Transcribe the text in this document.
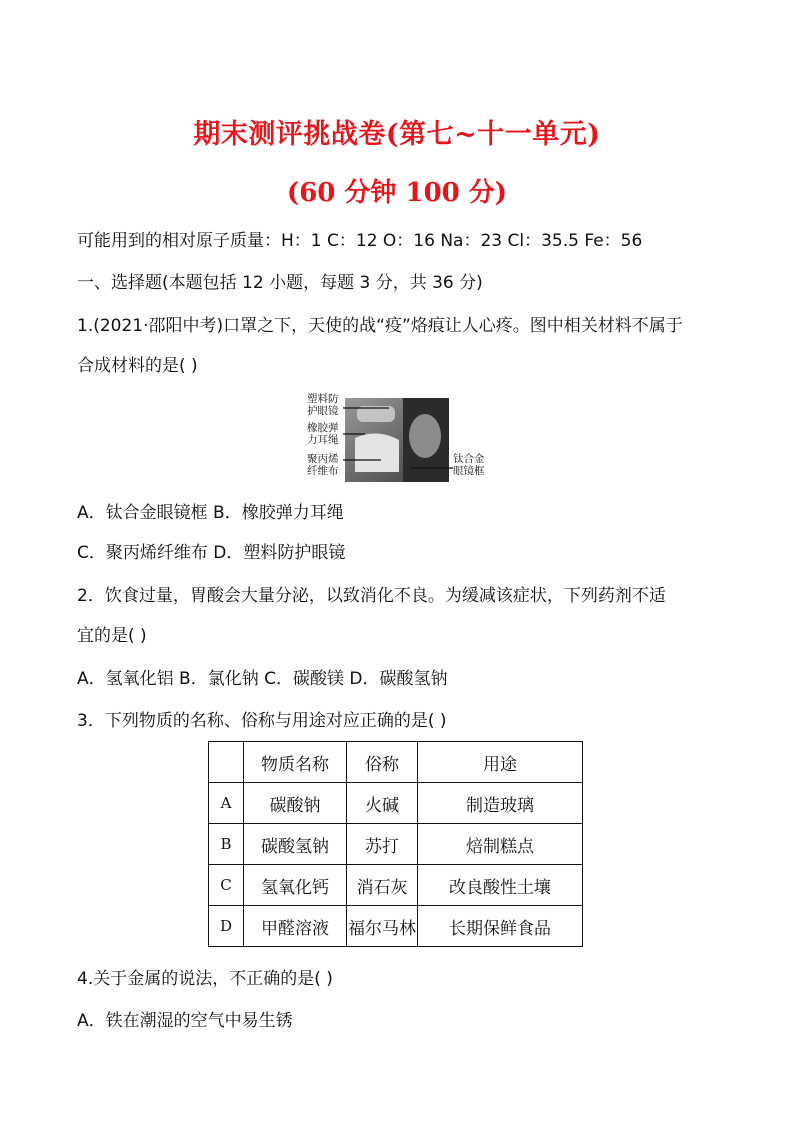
期末测评挑战卷(第七~十一单元)
(60 分钟 100 分)
可能用到的相对原子质量：H：1 C：12 O：16 Na：23 Cl：35.5 Fe：56
一、选择题(本题包括 12 小题，每题 3 分，共 36 分)
1.(2021·邵阳中考)口罩之下，天使的战“疫”烙痕让人心疼。图中相关材料不属于
合成材料的是( )
塑料防
护眼镜
橡胶弹
力耳绳
聚丙烯
纤维布
钛合金
眼镜框
A．钛合金眼镜框 B．橡胶弹力耳绳
C．聚丙烯纤维布 D．塑料防护眼镜
2．饮食过量，胃酸会大量分泌，以致消化不良。为缓减该症状，下列药剂不适
宜的是( )
A．氢氧化铝 B．氯化钠 C．碳酸镁 D．碳酸氢钠
3．下列物质的名称、俗称与用途对应正确的是( )
	物质名称	俗称	用途
A	碳酸钠	火碱	制造玻璃
B	碳酸氢钠	苏打	焙制糕点
C	氢氧化钙	消石灰	改良酸性土壤
D	甲醛溶液	福尔马林	长期保鲜食品
4.关于金属的说法，不正确的是( )
A．铁在潮湿的空气中易生锈
